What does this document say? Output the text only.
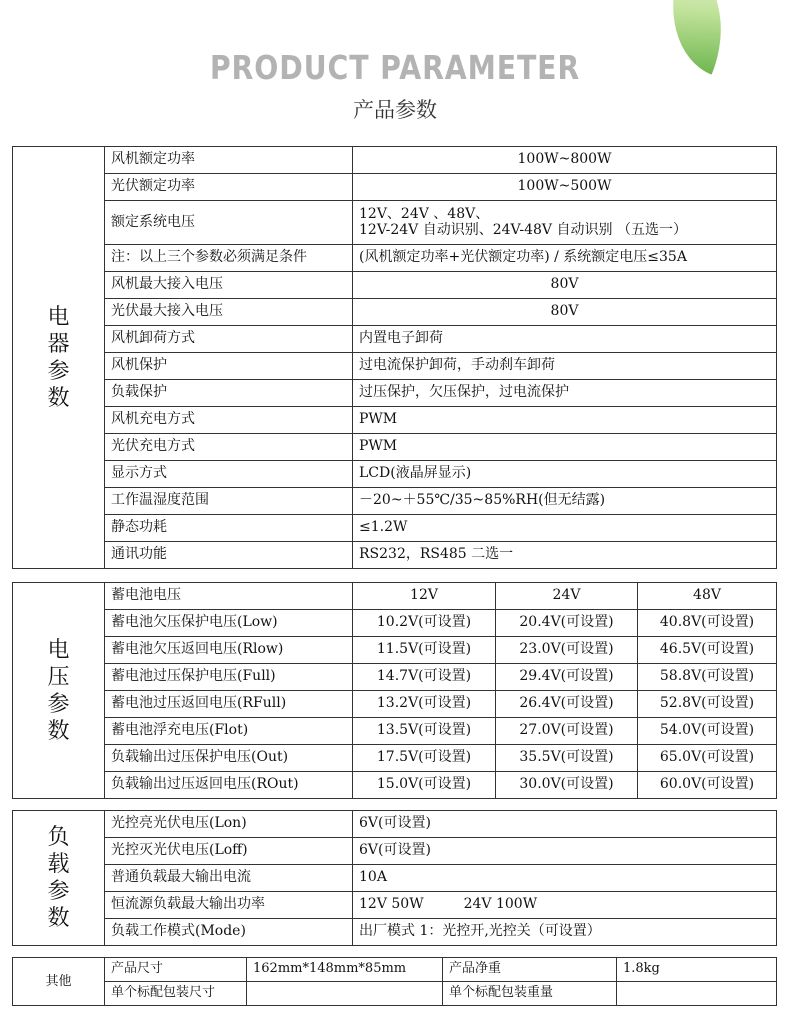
PRODUCT PARAMETER
产品参数
电
器
参
数	风机额定功率	100W~800W
	光伏额定功率	100W~500W
	额定系统电压	12V、24V 、48V、
12V-24V 自动识别、24V-48V 自动识别 （五选一）

	注：以上三个参数必须满足条件	(风机额定功率+光伏额定功率) / 系统额定电压≤35A
	风机最大接入电压	80V
	光伏最大接入电压	80V
	风机卸荷方式	内置电子卸荷
	风机保护	过电流保护卸荷，手动刹车卸荷
	负载保护	过压保护，欠压保护，过电流保护
	风机充电方式	PWM
	光伏充电方式	PWM
	显示方式	LCD(液晶屏显示)
	工作温湿度范围	－20~＋55℃/35~85%RH(但无结露)
	静态功耗	≤1.2W
	通讯功能	RS232，RS485 二选一
电
压
参
数	蓄电池电压	12V	24V	48V
	蓄电池欠压保护电压(Low)	10.2V(可设置)	20.4V(可设置)	40.8V(可设置)
	蓄电池欠压返回电压(Rlow)	11.5V(可设置)	23.0V(可设置)	46.5V(可设置)
	蓄电池过压保护电压(Full)	14.7V(可设置)	29.4V(可设置)	58.8V(可设置)
	蓄电池过压返回电压(RFull)	13.2V(可设置)	26.4V(可设置)	52.8V(可设置)
	蓄电池浮充电压(Flot)	13.5V(可设置)	27.0V(可设置)	54.0V(可设置)
	负载输出过压保护电压(Out)	17.5V(可设置)	35.5V(可设置)	65.0V(可设置)
	负载输出过压返回电压(ROut)	15.0V(可设置)	30.0V(可设置)	60.0V(可设置)
负
载
参
数	光控亮光伏电压(Lon)	6V(可设置)
	光控灭光伏电压(Loff)	6V(可设置)
	普通负载最大输出电流	10A
	恒流源负载最大输出功率	12V 50W 24V 100W
	负载工作模式(Mode)	出厂模式 1：光控开,光控关（可设置）
其他	产品尺寸	162mm*148mm*85mm	产品净重	1.8kg
	单个标配包装尺寸		单个标配包装重量	
